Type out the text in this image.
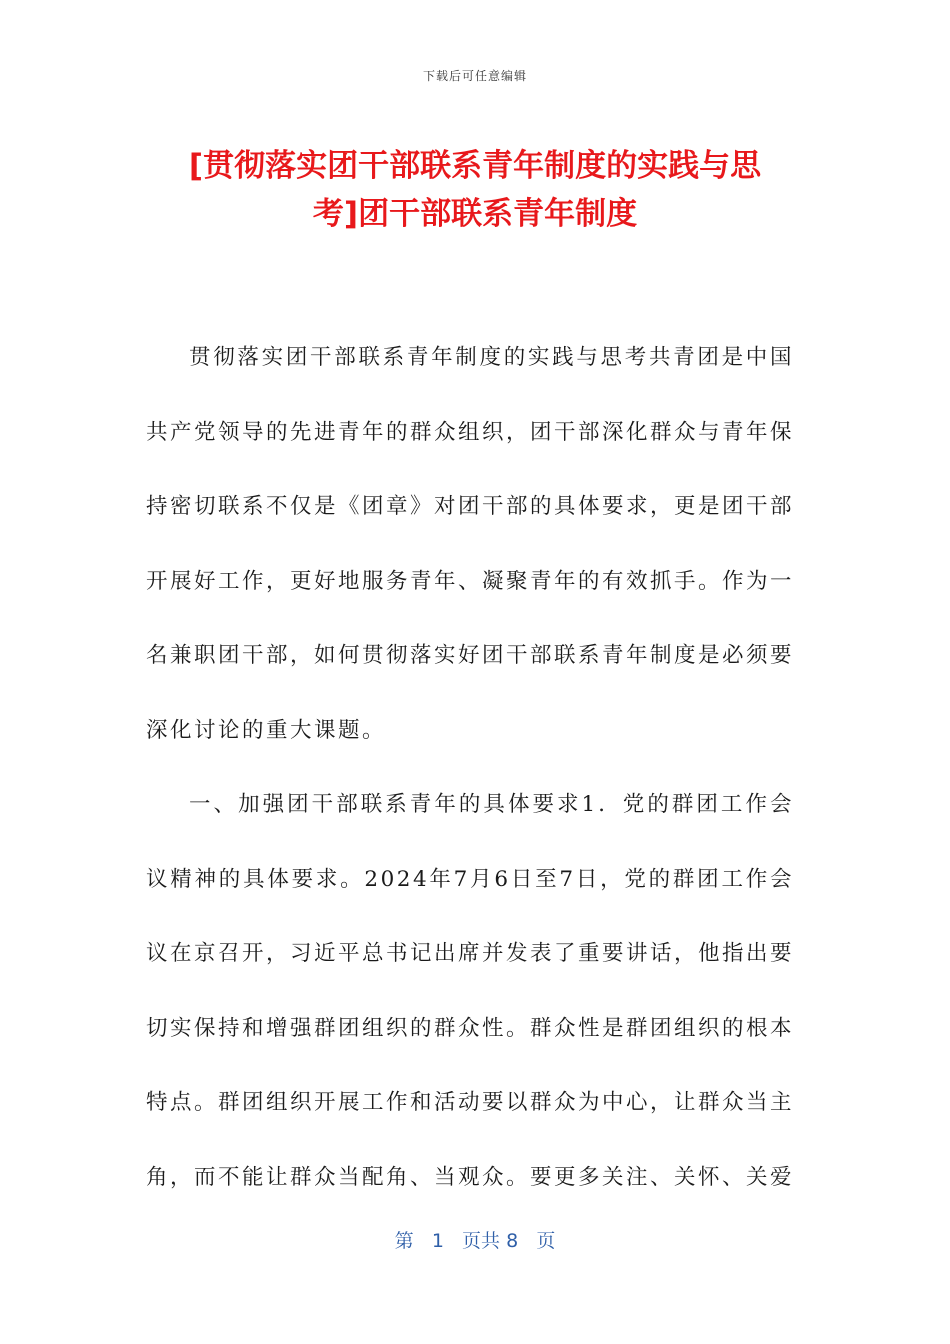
下载后可任意编辑
[贯彻落实团干部联系青年制度的实践与思
考]团干部联系青年制度

贯彻落实团干部联系青年制度的实践与思考共青团是中国共产党领导的先进青年的群众组织，团干部深化群众与青年保持密切联系不仅是《团章》对团干部的具体要求，更是团干部开展好工作，更好地服务青年、凝聚青年的有效抓手。作为一名兼职团干部，如何贯彻落实好团干部联系青年制度是必须要深化讨论的重大课题。

一、加强团干部联系青年的具体要求1．党的群团工作会议精神的具体要求。2024年7月6日至7日，党的群团工作会议在京召开，习近平总书记出席并发表了重要讲话，他指出要切实保持和增强群团组织的群众性。群众性是群团组织的根本特点。群团组织开展工作和活动要以群众为中心，让群众当主角，而不能让群众当配角、当观众。要更多关注、关怀、关爱

第 1 页共 8 页
